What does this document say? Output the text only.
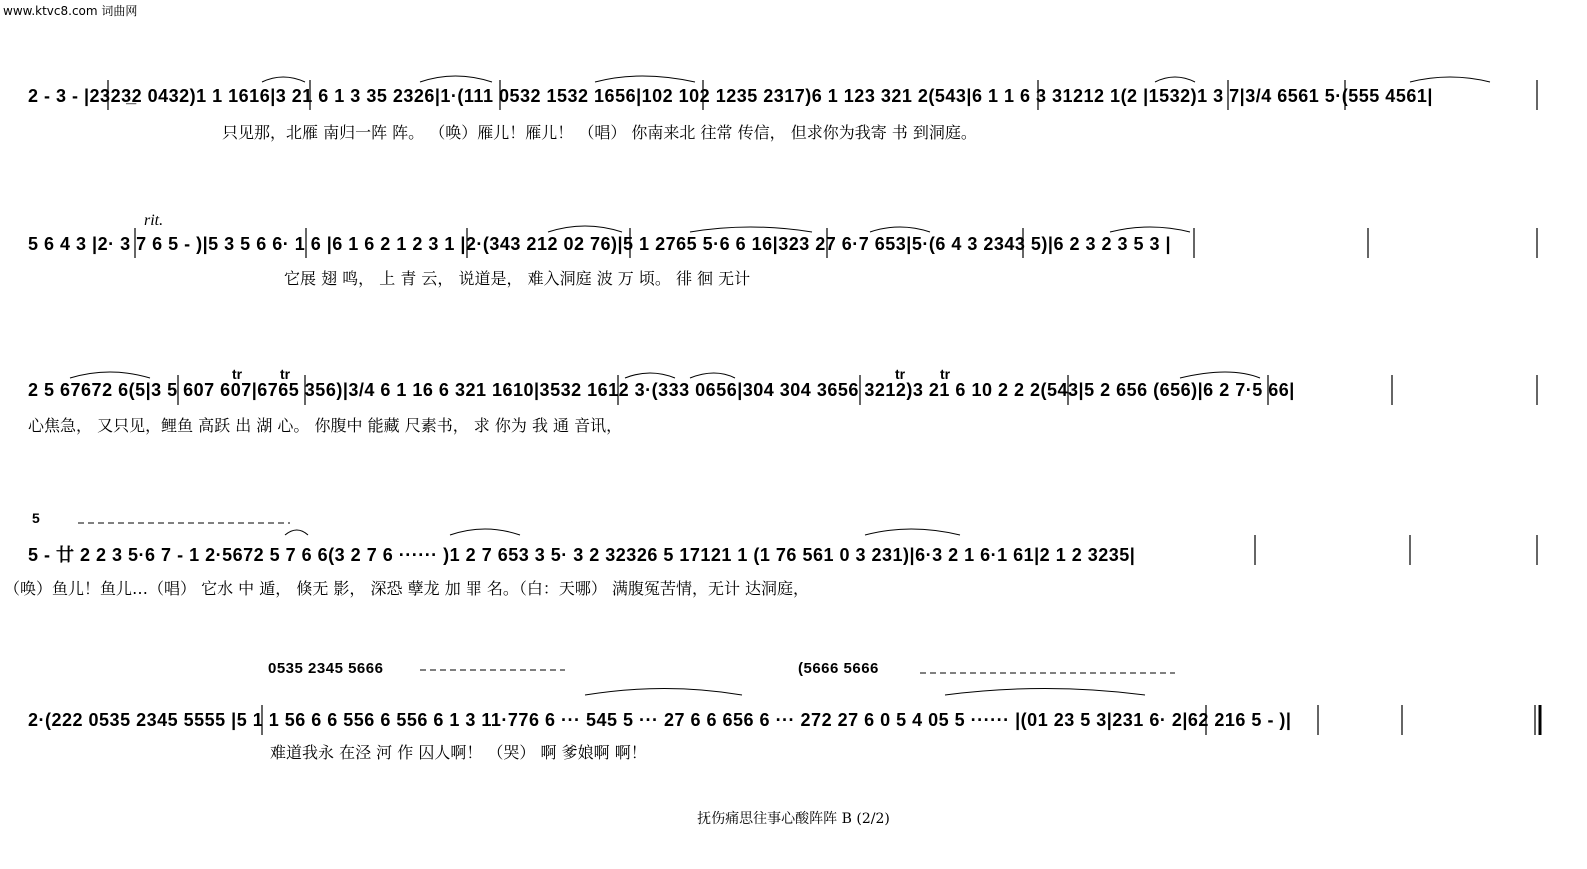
www.ktvc8.com 词曲网
2 - 3 - |2323̲2 0432)1 1 1616|3 21 6 1 3 35 2326|1·(111 0532 1532 1656|102 102 1235 2317)6 1 123 321 2(543|6 1 1 6 3 31212 1(2 |1532)1 3 7|3/4 6561 5·(555 4561|
只见那，北雁 南归一阵 阵。 （唤）雁儿！雁儿！ （唱） 你南来北 往常 传信， 但求你为我寄 书 到洞庭。
rit.
5 6 4 3 |2· 3 7 6 5 - )|5 3 5 6 6· 1 6 |6 1 6 2 1 2 3 1 |2·(343 212 02 76)|5 1 2765 5·6 6 16|323 27 6·7 653|5·(6 4 3 2343 5)|6 2 3 2 3 5 3 |
它展 翅 鸣， 上 青 云， 说道是， 难入洞庭 波 万 顷。 徘 徊 无计
tr	tr	tr tr
2 5 67672 6(5|3 5 607 607|6765 356)|3/4 6 1 16 6 321 1610|3532 1612 3·(333 0656|304 304 3656 3212)3 21 6 10 2 2 2(543|5 2 656 (656)|6 2 7·5 66|
心焦急， 又只见，鲤鱼 高跃 出 湖 心。 你腹中 能藏 尺素书， 求 你为 我 通 音讯，
5
5 - 廿 2 2 3 5·6 7 - 1 2·5672 5 7 6 6(3 2 7 6 ······ )1 2 7 653 3 5· 3 2 32326 5 17121 1 (1 76 561 0 3 231)|6·3 2 1 6·1 61|2 1 2 3235|
（唤）鱼儿！鱼儿…（唱） 它水 中 遁， 倏无 影， 深恐 孽龙 加 罪 名。（白：天哪） 满腹冤苦情，无计 达洞庭，
0535 2345 5666	(5666 5666
2·(222 0535 2345 5555 |5 1 1 56 6 6 556 6 556 6 1 3 11·776 6 ··· 545 5 ··· 27 6 6 656 6 ··· 272 27 6 0 5 4 05 5 ······ |(01 23 5 3|231 6· 2|62 216 5 - )|
难道我永 在泾 河 作 囚人啊！ （哭） 啊 爹娘啊 啊！
抚伤痛思往事心酸阵阵 B (2/2)
